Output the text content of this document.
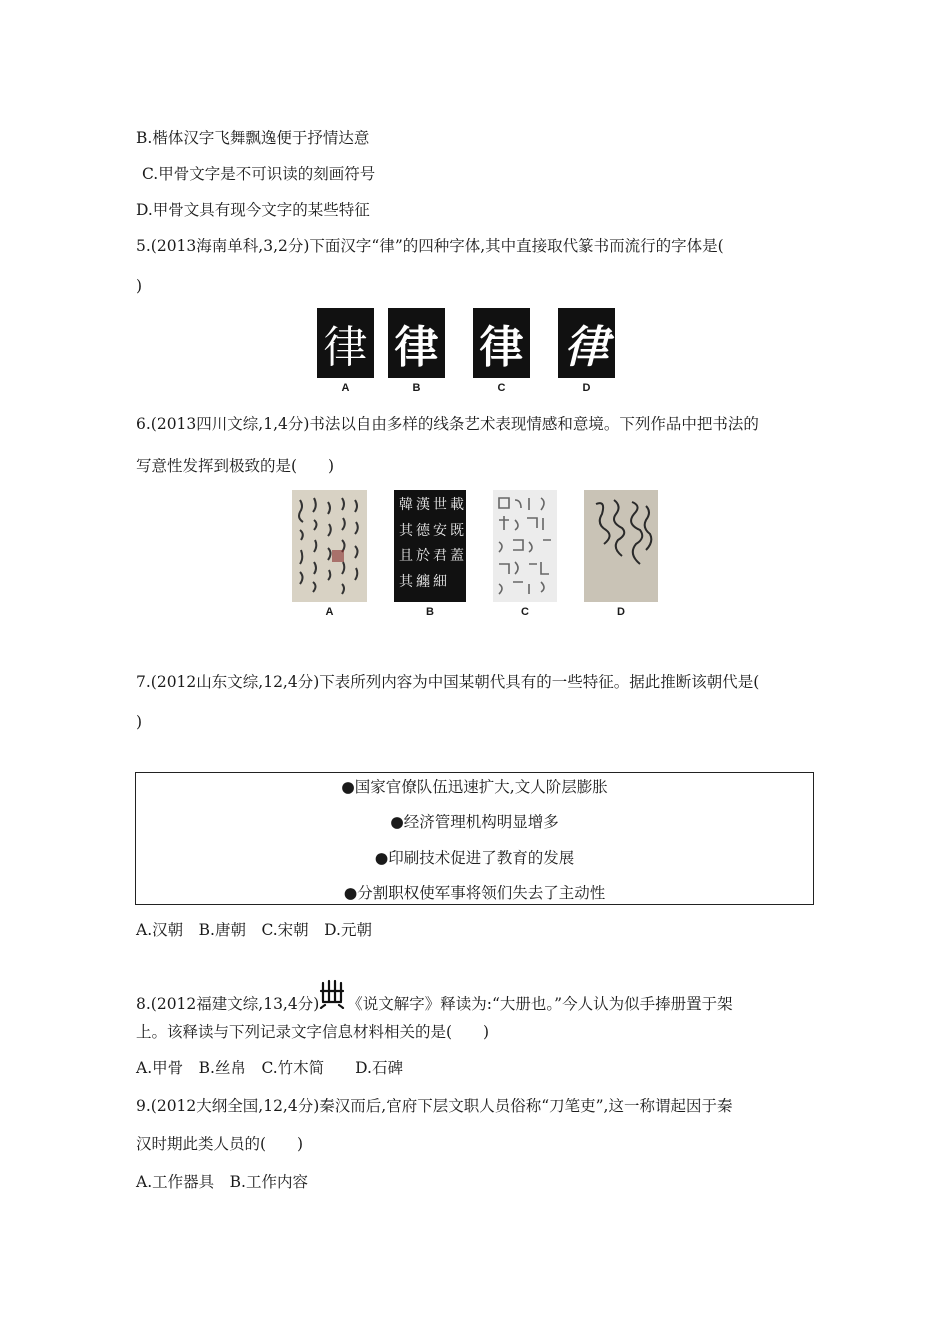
B.楷体汉字飞舞飘逸便于抒情达意
C.甲骨文字是不可识读的刻画符号
D.甲骨文具有现今文字的某些特征
5.(2013海南单科,3,2分)下面汉字“律”的四种字体,其中直接取代篆书而流行的字体是(
)
律
A
律
B
律
C
律
D
6.(2013四川文综,1,4分)书法以自由多样的线条艺术表现情感和意境。下列作品中把书法的
写意性发挥到极致的是(　　)
A
韓 漢 世 載
其 德 安 既
且 於 君 蓋
其 纏 細
B	C	D
7.(2012山东文综,12,4分)下表所列内容为中国某朝代具有的一些特征。据此推断该朝代是(
)
●国家官僚队伍迅速扩大,文人阶层膨胀
●经济管理机构明显增多
●印刷技术促进了教育的发展
●分割职权使军事将领们失去了主动性
A.汉朝　B.唐朝　C.宋朝　D.元朝
8.(2012福建文综,13,4分) 《说文解字》释读为:“大册也。”今人认为似手捧册置于架
上。该释读与下列记录文字信息材料相关的是(　　)
A.甲骨　B.丝帛　C.竹木简　　D.石碑
9.(2012大纲全国,12,4分)秦汉而后,官府下层文职人员俗称“刀笔吏”,这一称谓起因于秦
汉时期此类人员的(　　)
A.工作器具　B.工作内容
